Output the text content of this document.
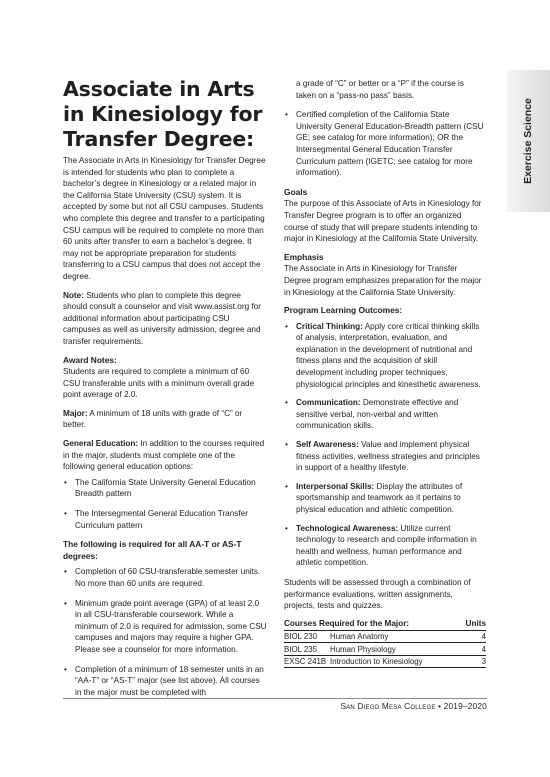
Exercise Science
Associate in Arts
in Kinesiology for
Transfer Degree:

The Associate in Arts in Kinesiology for Transfer Degree is intended for students who plan to complete a bachelor’s degree in Kinesiology or a related major in the California State University (CSU) system. It is accepted by some but not all CSU campuses. Students who complete this degree and transfer to a participating CSU campus will be required to complete no more than 60 units after transfer to earn a bachelor’s degree. It may not be appropriate preparation for students transferring to a CSU campus that does not accept the degree.

Note: Students who plan to complete this degree should consult a counselor and visit www.assist.org for additional information about participating CSU campuses as well as university admission, degree and transfer requirements.

Award Notes:

Students are required to complete a minimum of 60 CSU transferable units with a minimum overall grade point average of 2.0.

Major: A minimum of 18 units with grade of “C” or better.

General Education: In addition to the courses required in the major, students must complete one of the following general education options:

• The California State University General Education Breadth pattern
• The Intersegmental General Education Transfer Curriculum pattern
The following is required for all AA-T or AS-T degrees:
• Completion of 60 CSU-transferable semester units. No more than 60 units are required.
• Minimum grade point average (GPA) of at least 2.0 in all CSU-transferable coursework. While a minimum of 2.0 is required for admission, some CSU campuses and majors may require a higher GPA. Please see a counselor for more information.
• Completion of a minimum of 18 semester units in an “AA-T” or “AS-T” major (see list above). All courses in the major must be completed with

a grade of “C” or better or a “P” if the course is taken on a “pass-no pass” basis.

• Certified completion of the California State University General Education-Breadth pattern (CSU GE; see catalog for more information); OR the Intersegmental General Education Transfer Curriculum pattern (IGETC; see catalog for more information).
Goals

The purpose of this Associate of Arts in Kinesiology for Transfer Degree program is to offer an organized course of study that will prepare students intending to major in Kinesiology at the California State University.

Emphasis

The Associate in Arts in Kinesiology for Transfer Degree program emphasizes preparation for the major in Kinesiology at the California State University.

Program Learning Outcomes:
• Critical Thinking: Apply core critical thinking skills of analysis, interpretation, evaluation, and explanation in the development of nutritional and fitness plans and the acquisition of skill development including proper techniques, physiological principles and kinesthetic awareness.
• Communication: Demonstrate effective and sensitive verbal, non-verbal and written communication skills.
• Self Awareness: Value and implement physical fitness activities, wellness strategies and principles in support of a healthy lifestyle.
• Interpersonal Skills: Display the attributes of sportsmanship and teamwork as it pertains to physical education and athletic competition.
• Technological Awareness: Utilize current technology to research and compile information in health and wellness, human performance and athletic competition.

Students will be assessed through a combination of performance evaluations, written assignments, projects, tests and quizzes.

Courses Required for the Major:		Units
BIOL 230	Human Anatomy	4
BIOL 235	Human Physiology	4
EXSC 241B	Introduction to Kinesiology	3
San Diego Mesa College • 2019–2020
